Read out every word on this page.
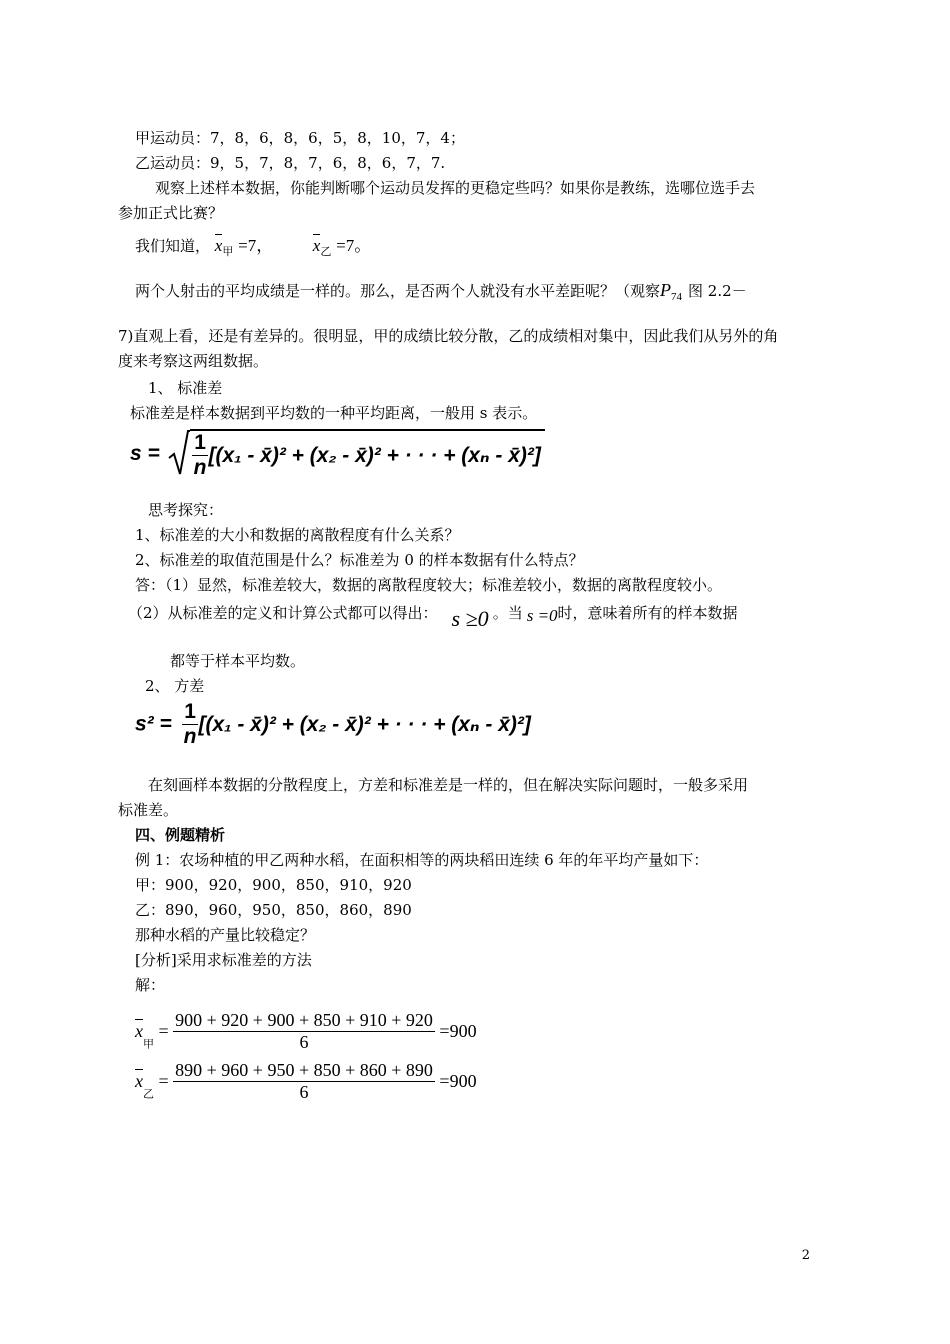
甲运动员：7，8，6，8，6，5，8，10，7，4；
乙运动员：9，5，7，8，7，6，8，6，7，7.
观察上述样本数据，你能判断哪个运动员发挥的更稳定些吗？如果你是教练，选哪位选手去
参加正式比赛？
我们知道， $x_甲 =7$， $x_乙 =7$。
两个人射击的平均成绩是一样的。那么，是否两个人就没有水平差距呢？（观察$P_{74}$ 图 2.2－
7)直观上看，还是有差异的。很明显，甲的成绩比较分散，乙的成绩相对集中，因此我们从另外的角
度来考察这两组数据。
1、 标准差
标准差是样本数据到平均数的一种平均距离，一般用 s 表示。
$s = \frac{1}{n} [(x_1$ - x̄)² + (x₂ - x̄)² + · · · + (xₙ - x̄)²]
思考探究：
1、标准差的大小和数据的离散程度有什么关系？
2、标准差的取值范围是什么？标准差为 0 的样本数据有什么特点？
答：（1）显然，标准差较大，数据的离散程度较大；标准差较小，数据的离散程度较小。
（2）从标准差的定义和计算公式都可以得出： s ≥0 。当 s =0时，意味着所有的样本数据
都等于样本平均数。
2、 方差
$s^2 = \frac{1}{n} [(x_1$ - x̄)² + (x₂ - x̄)² + · · · + (xₙ - x̄)²]
在刻画样本数据的分散程度上，方差和标准差是一样的，但在解决实际问题时，一般多采用
标准差。
四、例题精析
例 1：农场种植的甲乙两种水稻，在面积相等的两块稻田连续 6 年的年平均产量如下：
甲：900，920，900，850，910，920
乙：890，960，950，850，860，890
那种水稻的产量比较稳定？
[分析]采用求标准差的方法
解：
$x_甲 = \frac{900 + 920 + 900 + 850 + 910 + 920}{6} =900$
$x_乙 = \frac{890 + 960 + 950 + 850 + 860 + 890}{6} =900$
2
